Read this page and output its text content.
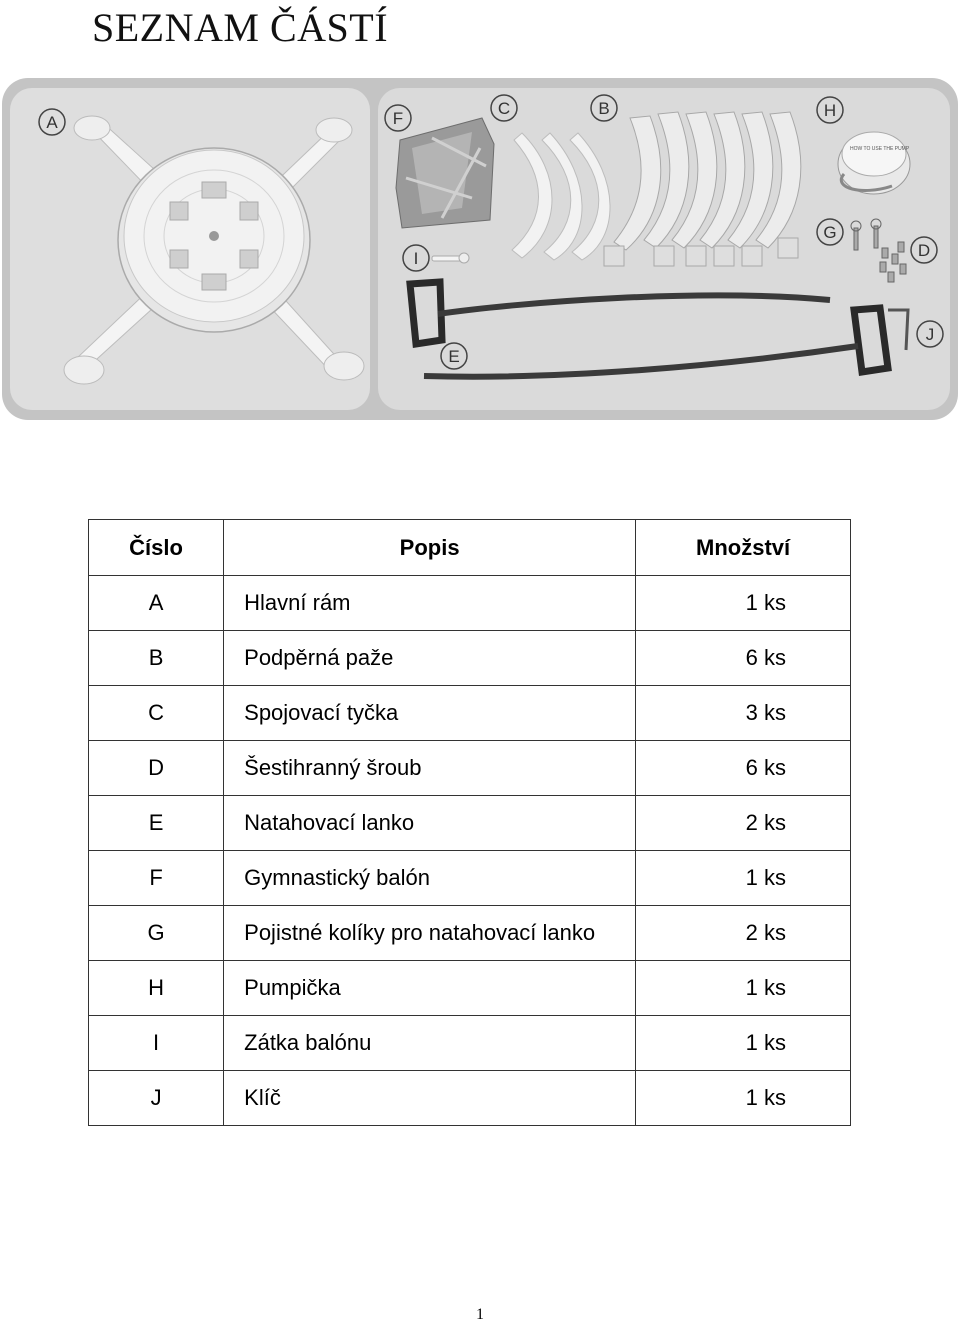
SEZNAM ČÁSTÍ
HOW TO USE THE PUMP
A	F
C	B	H
I
G
D
E
J
Číslo	Popis	Množství
A	Hlavní rám	1 ks
B	Podpěrná paže	6 ks
C	Spojovací tyčka	3 ks
D	Šestihranný šroub	6 ks
E	Natahovací lanko	2 ks
F	Gymnastický balón	1 ks
G	Pojistné kolíky pro natahovací lanko	2 ks
H	Pumpička	1 ks
I	Zátka balónu	1 ks
J	Klíč	1 ks
1
